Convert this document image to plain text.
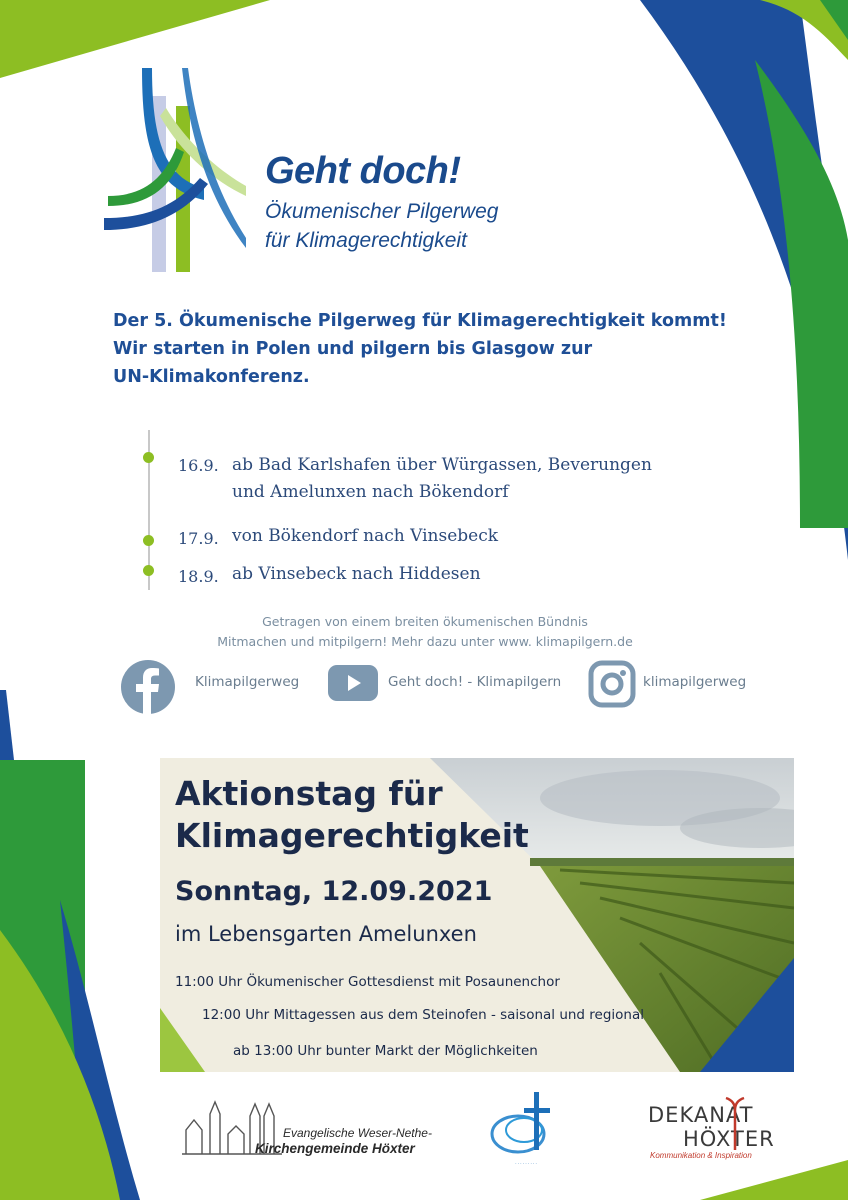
Geht doch!
Ökumenischer Pilgerweg
für Klimagerechtigkeit
Der 5. Ökumenische Pilgerweg für Klimagerechtigkeit kommt!
Wir starten in Polen und pilgern bis Glasgow zur
UN-Klimakonferenz.
16.9. ab Bad Karlshafen über Würgassen, Beverungen
und Amelunxen nach Bökendorf
17.9. von Bökendorf nach Vinsebeck
18.9. ab Vinsebeck nach Hiddesen
Getragen von einem breiten ökumenischen Bündnis
Mitmachen und mitpilgern! Mehr dazu unter www. klimapilgern.de
Klimapilgerweg	Geht doch! - Klimapilgern	klimapilgerweg
Aktionstag für
Klimagerechtigkeit
Sonntag, 12.09.2021
im Lebensgarten Amelunxen
11:00 Uhr Ökumenischer Gottesdienst mit Posaunenchor
12:00 Uhr Mittagessen aus dem Steinofen - saisonal und regional
ab 13:00 Uhr bunter Markt der Möglichkeiten
Evangelische Weser-Nethe-
Kirchengemeinde Höxter
· · · · · · · · ·
DEKANAT
HÖXTER
Kommunikation & Inspiration
